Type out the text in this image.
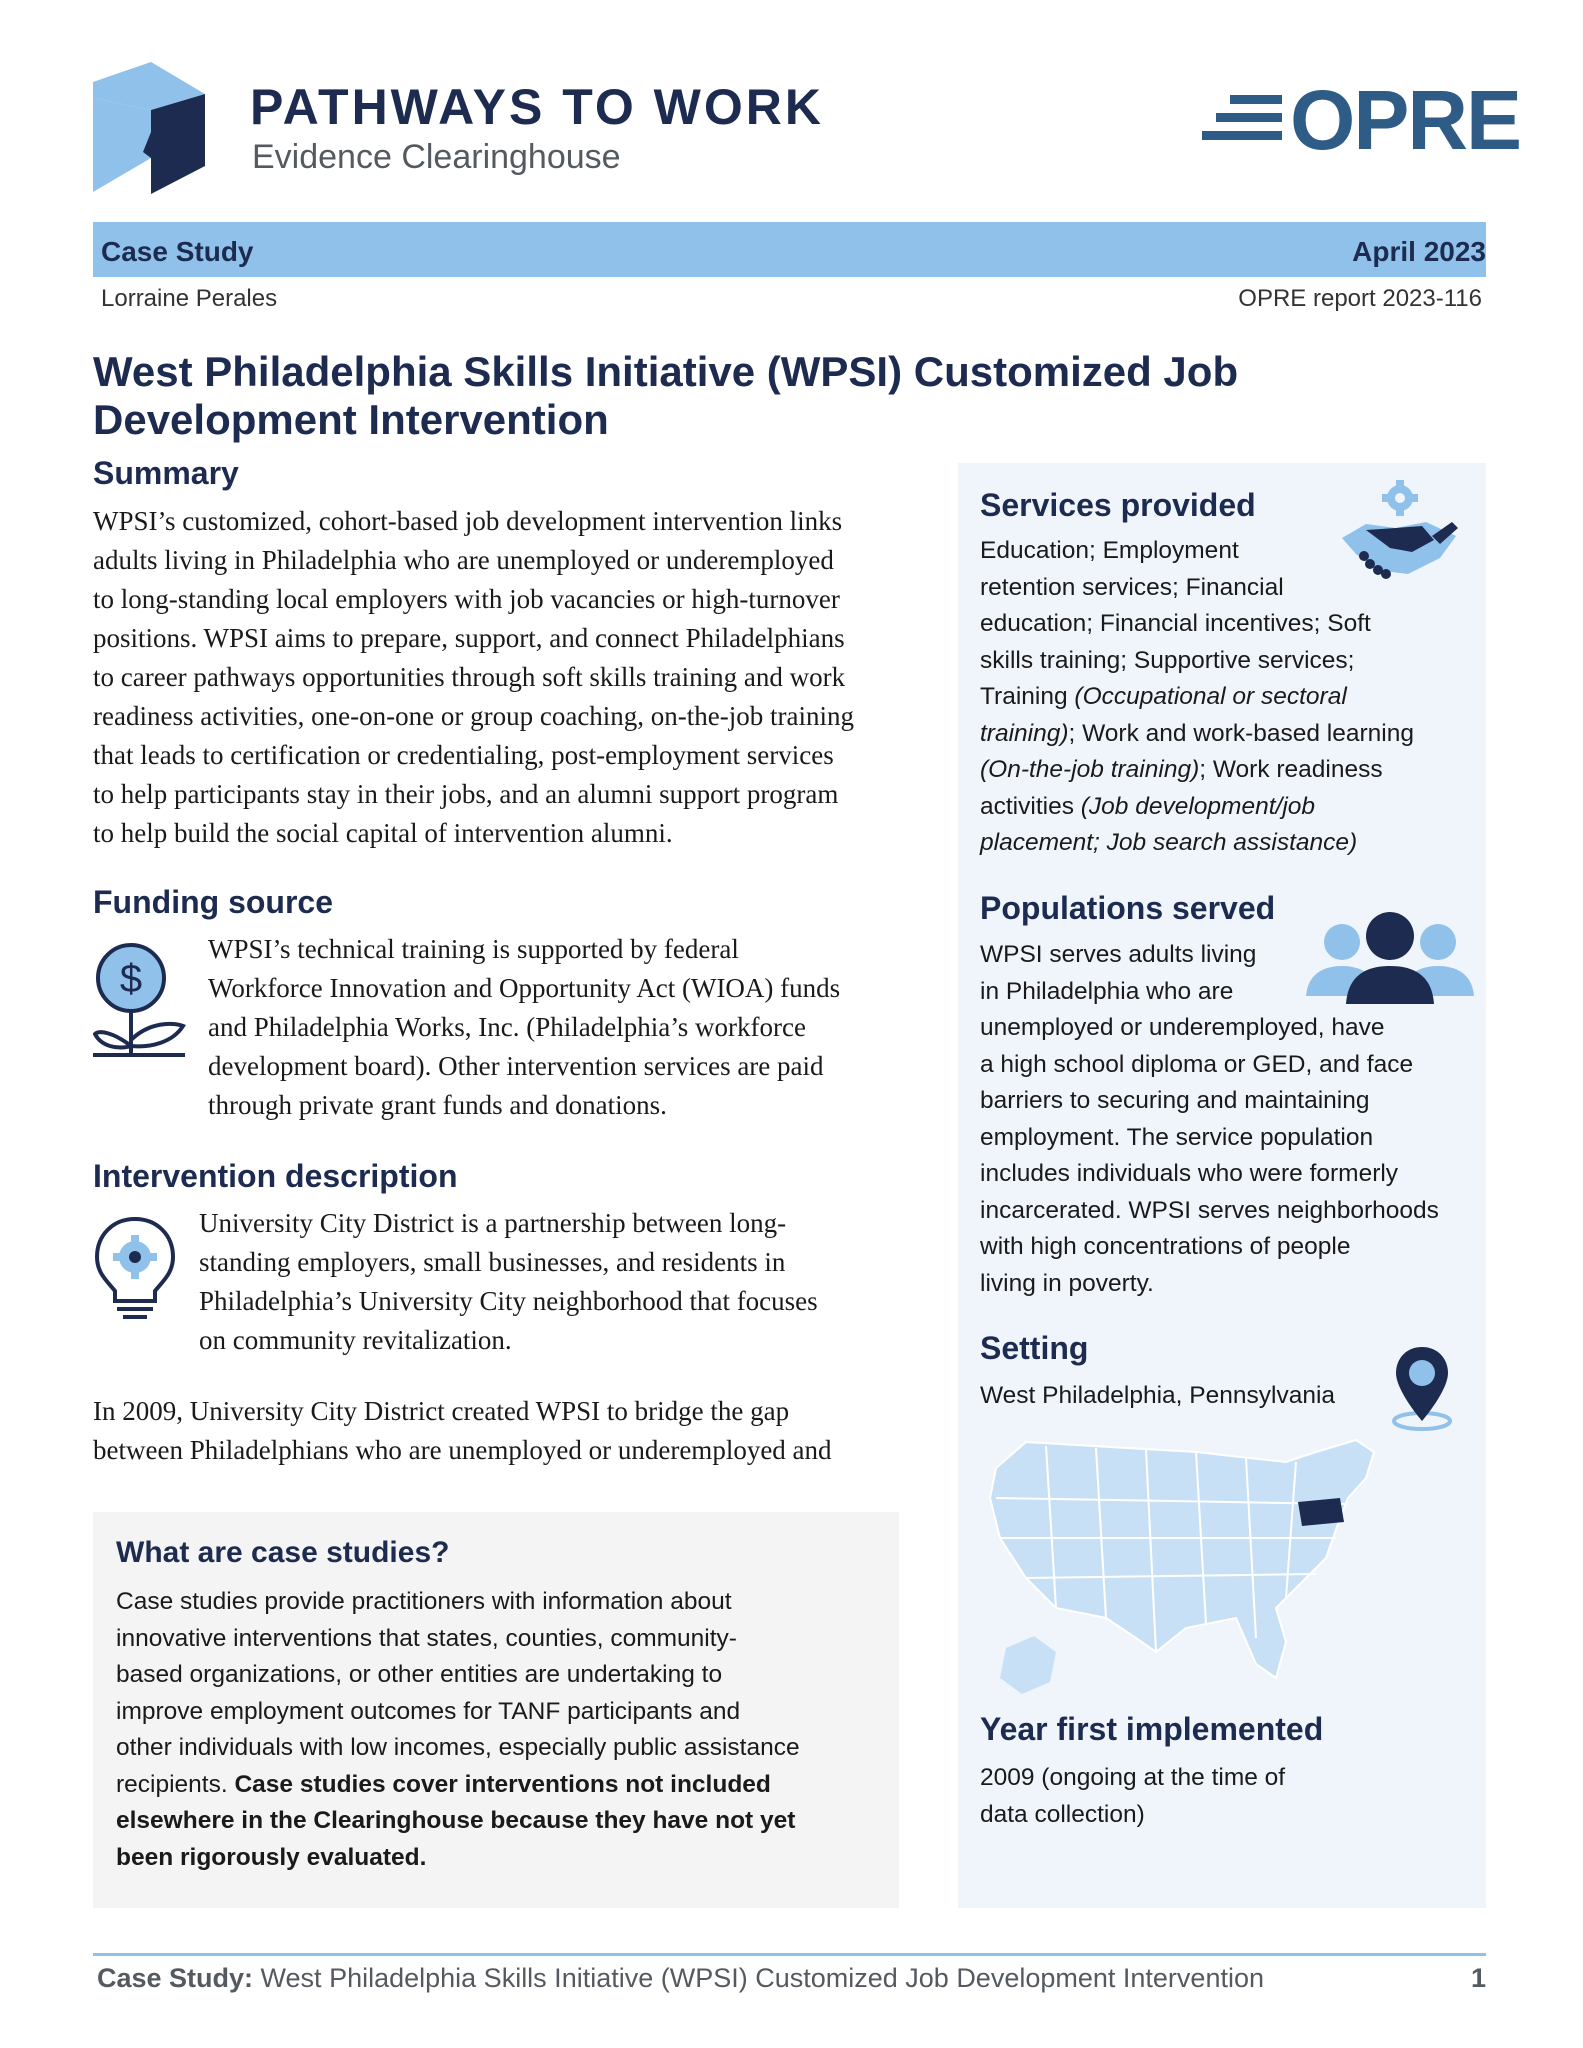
PATHWAYS TO WORK
Evidence Clearinghouse	OPRE
Case Study	April 2023
Lorraine Perales	OPRE report 2023-116
West Philadelphia Skills Initiative (WPSI) Customized Job
Development Intervention
Summary
WPSI’s customized, cohort-based job development intervention links
adults living in Philadelphia who are unemployed or underemployed
to long-standing local employers with job vacancies or high-turnover
positions. WPSI aims to prepare, support, and connect Philadelphians
to career pathways opportunities through soft skills training and work
readiness activities, one-on-one or group coaching, on-the-job training
that leads to certification or credentialing, post-employment services
to help participants stay in their jobs, and an alumni support program
to help build the social capital of intervention alumni.
Funding source
$
WPSI’s technical training is supported by federal
Workforce Innovation and Opportunity Act (WIOA) funds
and Philadelphia Works, Inc. (Philadelphia’s workforce
development board). Other intervention services are paid
through private grant funds and donations.
Intervention description
University City District is a partnership between long-
standing employers, small businesses, and residents in
Philadelphia’s University City neighborhood that focuses
on community revitalization.
In 2009, University City District created WPSI to bridge the gap
between Philadelphians who are unemployed or underemployed and
What are case studies?
Case studies provide practitioners with information about
innovative interventions that states, counties, community-
based organizations, or other entities are undertaking to
improve employment outcomes for TANF participants and
other individuals with low incomes, especially public assistance
recipients. Case studies cover interventions not included
elsewhere in the Clearinghouse because they have not yet
been rigorously evaluated.
Services provided
Education; Employment
retention services; Financial
education; Financial incentives; Soft
skills training; Supportive services;
Training (Occupational or sectoral
training); Work and work-based learning
(On-the-job training); Work readiness
activities (Job development/job
placement; Job search assistance)
Populations served
WPSI serves adults living
in Philadelphia who are
unemployed or underemployed, have
a high school diploma or GED, and face
barriers to securing and maintaining
employment. The service population
includes individuals who were formerly
incarcerated. WPSI serves neighborhoods
with high concentrations of people
living in poverty.
Setting
West Philadelphia, Pennsylvania
Year first implemented
2009 (ongoing at the time of
data collection)
Case Study: West Philadelphia Skills Initiative (WPSI) Customized Job Development Intervention	1
